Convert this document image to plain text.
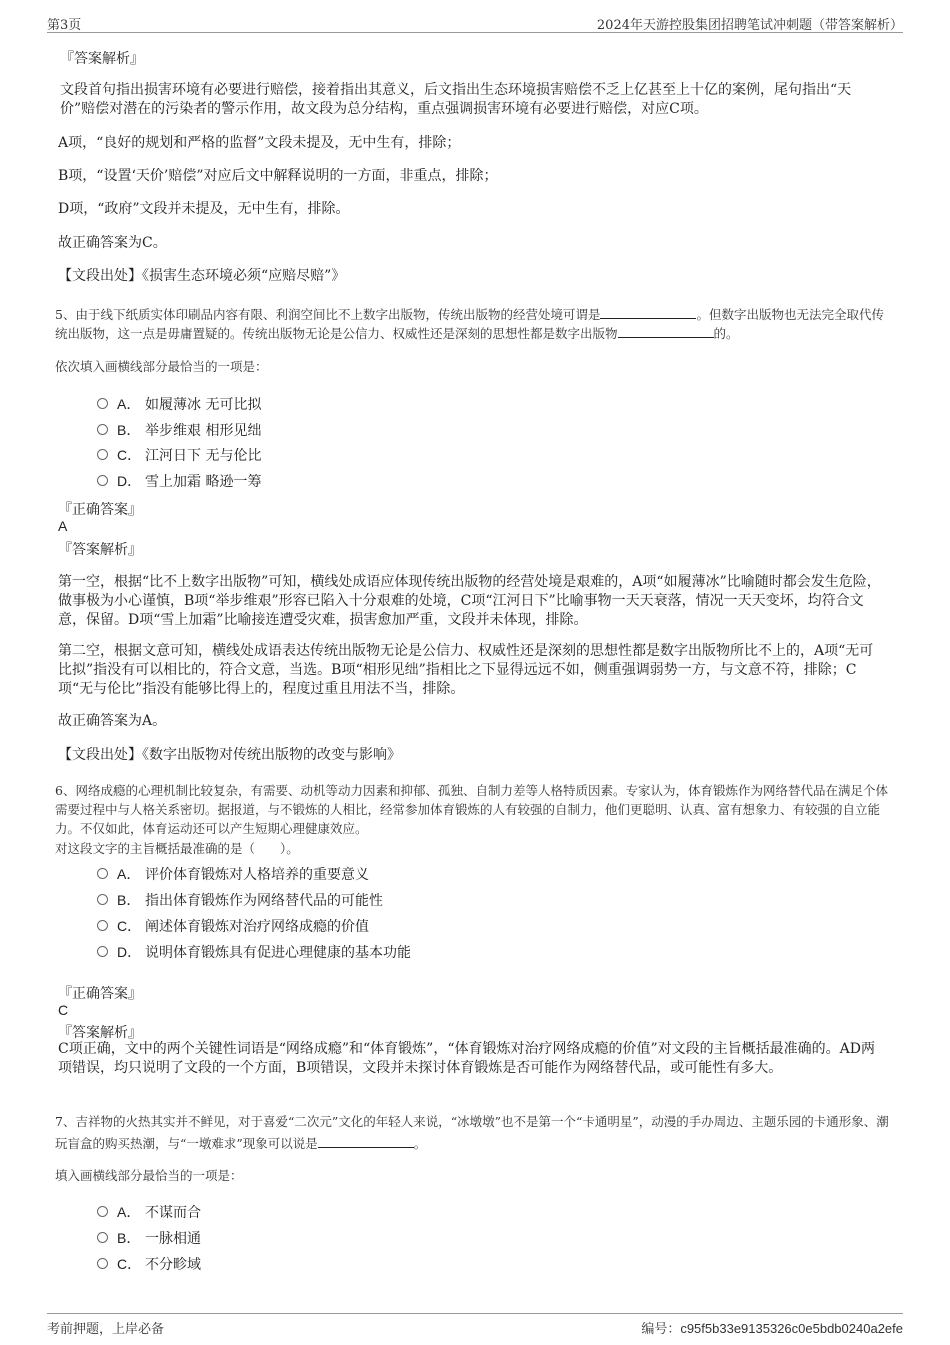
第3页	2024年天游控股集团招聘笔试冲刺题（带答案解析）
『答案解析』
文段首句指出损害环境有必要进行赔偿，接着指出其意义，后文指出生态环境损害赔偿不乏上亿甚至上十亿的案例，尾句指出“天价”赔偿对潜在的污染者的警示作用，故文段为总分结构，重点强调损害环境有必要进行赔偿，对应C项。
A项，“良好的规划和严格的监督”文段未提及，无中生有，排除；
B项，“设置‘天价’赔偿”对应后文中解释说明的一方面，非重点，排除；
D项，“政府”文段并未提及，无中生有，排除。
故正确答案为C。
【文段出处】《损害生态环境必须“应赔尽赔”》
5、由于线下纸质实体印刷品内容有限、利润空间比不上数字出版物，传统出版物的经营处境可谓是	。但数字出版物也无法完全取代传统出版物，这一点是毋庸置疑的。传统出版物无论是公信力、权威性还是深刻的思想性都是数字出版物	的。
依次填入画横线部分最恰当的一项是：
A． 如履薄冰 无可比拟
B． 举步维艰 相形见绌
C． 江河日下 无与伦比
D． 雪上加霜 略逊一筹
『正确答案』
A
『答案解析』
第一空，根据“比不上数字出版物”可知，横线处成语应体现传统出版物的经营处境是艰难的，A项“如履薄冰”比喻随时都会发生危险，做事极为小心谨慎，B项“举步维艰”形容已陷入十分艰难的处境，C项“江河日下”比喻事物一天天衰落，情况一天天变坏，均符合文意，保留。D项“雪上加霜”比喻接连遭受灾难，损害愈加严重，文段并未体现，排除。
第二空，根据文意可知，横线处成语表达传统出版物无论是公信力、权威性还是深刻的思想性都是数字出版物所比不上的，A项“无可比拟”指没有可以相比的，符合文意，当选。B项“相形见绌”指相比之下显得远远不如，侧重强调弱势一方，与文意不符，排除；C项“无与伦比”指没有能够比得上的，程度过重且用法不当，排除。
故正确答案为A。
【文段出处】《数字出版物对传统出版物的改变与影响》
6、网络成瘾的心理机制比较复杂，有需要、动机等动力因素和抑郁、孤独、自制力差等人格特质因素。专家认为，体育锻炼作为网络替代品在满足个体需要过程中与人格关系密切。据报道，与不锻炼的人相比，经常参加体育锻炼的人有较强的自制力，他们更聪明、认真、富有想象力、有较强的自立能力。不仅如此，体育运动还可以产生短期心理健康效应。
对这段文字的主旨概括最准确的是（　　）。
A． 评价体育锻炼对人格培养的重要意义
B． 指出体育锻炼作为网络替代品的可能性
C． 阐述体育锻炼对治疗网络成瘾的价值
D． 说明体育锻炼具有促进心理健康的基本功能
『正确答案』
C
『答案解析』
C项正确，文中的两个关键性词语是“网络成瘾”和“体育锻炼”，“体育锻炼对治疗网络成瘾的价值”对文段的主旨概括最准确的。AD两项错误，均只说明了文段的一个方面，B项错误，文段并未探讨体育锻炼是否可能作为网络替代品，或可能性有多大。
7、吉祥物的火热其实并不鲜见，对于喜爱“二次元”文化的年轻人来说，“冰墩墩”也不是第一个“卡通明星”，动漫的手办周边、主题乐园的卡通形象、潮玩盲盒的购买热潮，与“一墩难求”现象可以说是	。
填入画横线部分最恰当的一项是：
A． 不谋而合
B． 一脉相通
C． 不分畛域
考前押题，上岸必备	编号：c95f5b33e9135326c0e5bdb0240a2efe
